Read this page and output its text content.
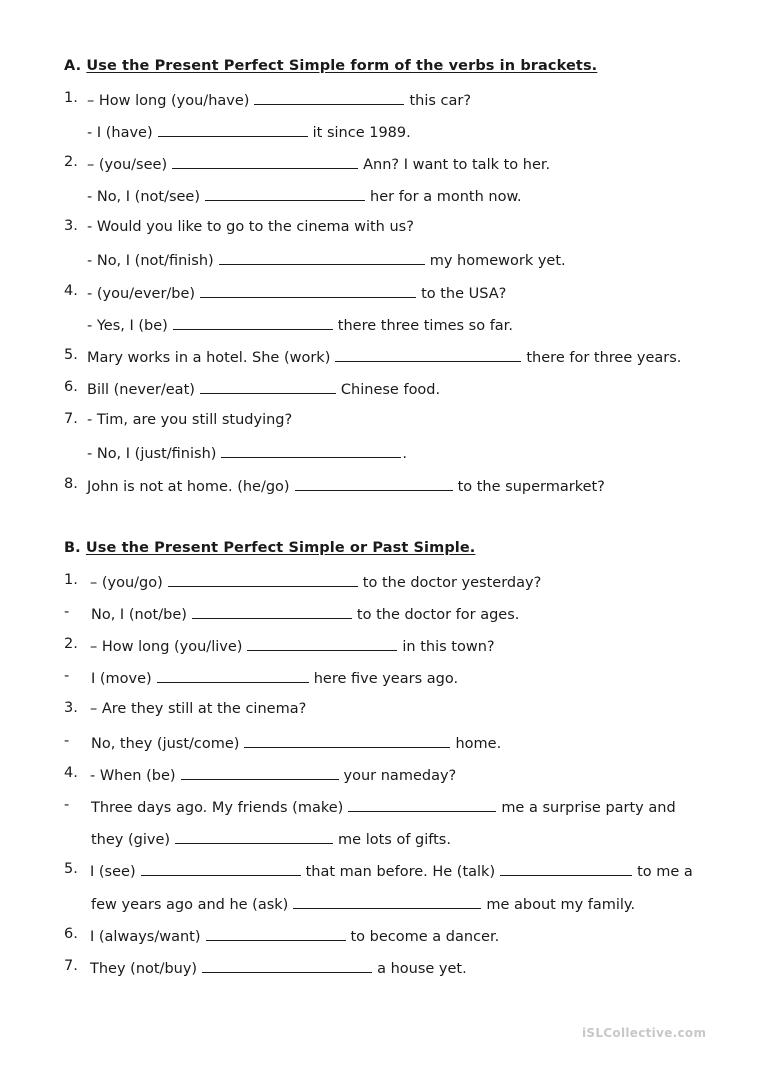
A. Use the Present Perfect Simple form of the verbs in brackets.
1. – How long (you/have)	this car?
- I (have)	it since 1989.
2. – (you/see)	Ann? I want to talk to her.
- No, I (not/see)	her for a month now.
3. - Would you like to go to the cinema with us?
- No, I (not/finish)	my homework yet.
4. - (you/ever/be)	to the USA?
- Yes, I (be)	there three times so far.
5. Mary works in a hotel. She (work)	there for three years.
6. Bill (never/eat)	Chinese food.
7. - Tim, are you still studying?
- No, I (just/finish)	.
8. John is not at home. (he/go)	to the supermarket?
B. Use the Present Perfect Simple or Past Simple.
1. – (you/go)	to the doctor yesterday?
- No, I (not/be)	to the doctor for ages.
2. – How long (you/live)	in this town?
- I (move)	here five years ago.
3. – Are they still at the cinema?
- No, they (just/come)	home.
4. - When (be)	your nameday?
- Three days ago. My friends (make)	me a surprise party and
they (give)	me lots of gifts.
5. I (see)	that man before. He (talk)	to me a
few years ago and he (ask)	me about my family.
6. I (always/want)	to become a dancer.
7. They (not/buy)	a house yet.
iSLCollective.com
